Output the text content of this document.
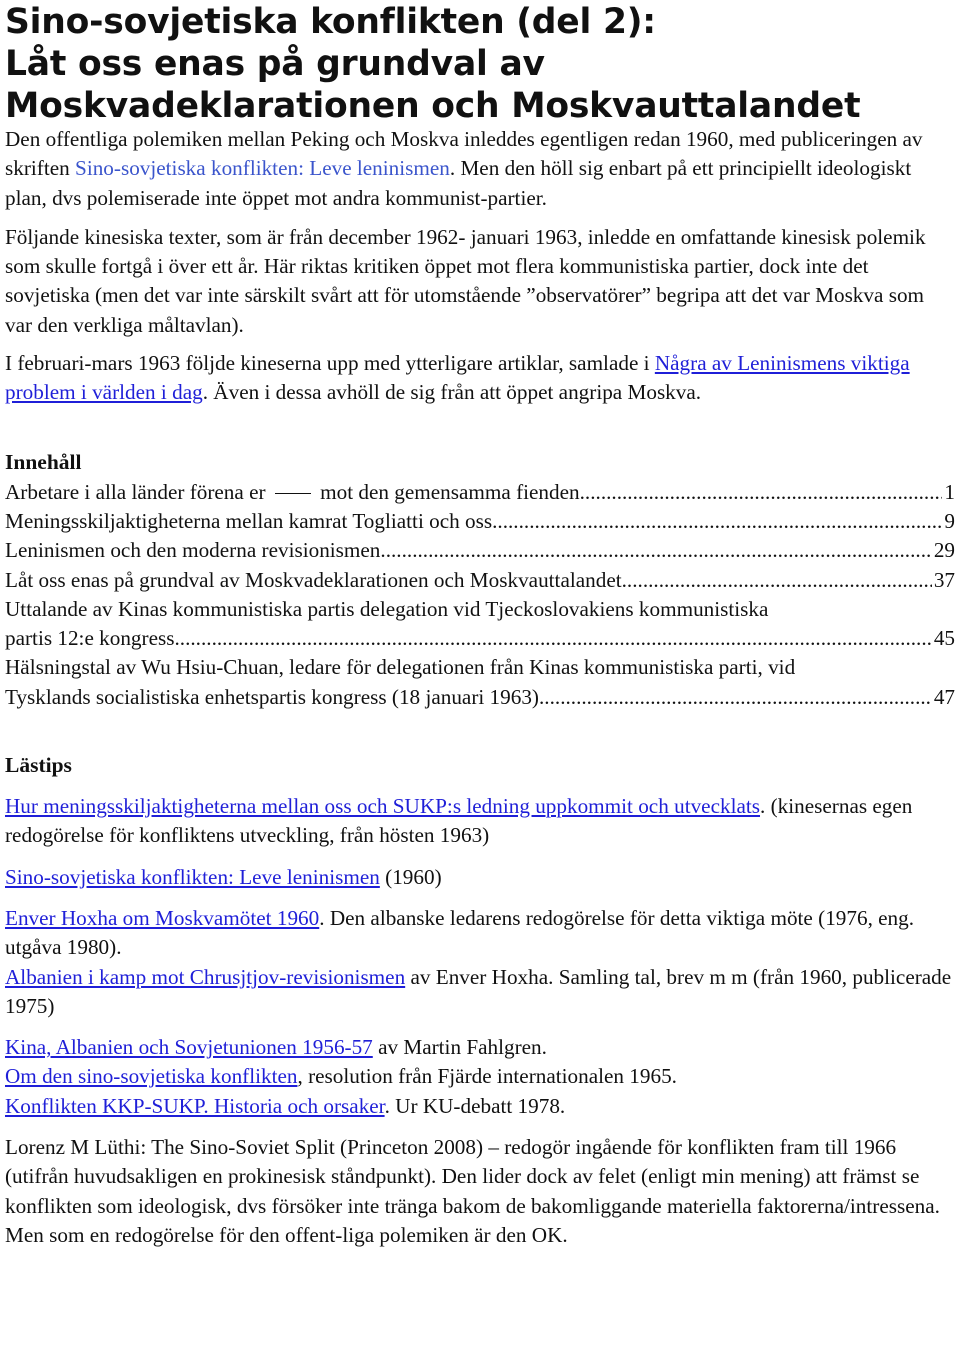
Sino-sovjetiska konflikten (del 2):
Låt oss enas på grundval av
Moskvadeklarationen och Moskvauttalandet

Den offentliga polemiken mellan Peking och Moskva inleddes egentligen redan 1960, med publiceringen av skriften Sino-sovjetiska konflikten: Leve leninismen. Men den höll sig enbart på ett principiellt ideologiskt plan, dvs polemiserade inte öppet mot andra kommunist-partier.

Följande kinesiska texter, som är från december 1962- januari 1963, inledde en omfattande kinesisk polemik som skulle fortgå i över ett år. Här riktas kritiken öppet mot flera kommunistiska partier, dock inte det sovjetiska (men det var inte särskilt svårt att för utomstående ”observatörer” begripa att det var Moskva som var den verkliga måltavlan).

I februari-mars 1963 följde kineserna upp med ytterligare artiklar, samlade i Några av Leninismens viktiga problem i världen i dag. Även i dessa avhöll de sig från att öppet angripa Moskva.

Innehåll
Arbetare i alla länder förena er	mot den gemensamma fienden .....	1
Meningsskiljaktigheterna mellan kamrat Togliatti och oss .....	9
Leninismen och den moderna revisionismen .....	29
Låt oss enas på grundval av Moskvadeklarationen och Moskvauttalandet .....	37
Uttalande av Kinas kommunistiska partis delegation vid Tjeckoslovakiens kommunistiska
partis 12:e kongress .....	45
Hälsningstal av Wu Hsiu-Chuan, ledare för delegationen från Kinas kommunistiska parti, vid
Tysklands socialistiska enhetspartis kongress (18 januari 1963) .....	47
Lästips

Hur meningsskiljaktigheterna mellan oss och SUKP:s ledning uppkommit och utvecklats. (kinesernas egen redogörelse för konfliktens utveckling, från hösten 1963)

Sino-sovjetiska konflikten: Leve leninismen (1960)

Enver Hoxha om Moskvamötet 1960. Den albanske ledarens redogörelse för detta viktiga möte (1976, eng. utgåva 1980).

Albanien i kamp mot Chrusjtjov-revisionismen av Enver Hoxha. Samling tal, brev m m (från 1960, publicerade 1975)

Kina, Albanien och Sovjetunionen 1956-57 av Martin Fahlgren.

Om den sino-sovjetiska konflikten, resolution från Fjärde internationalen 1965.

Konflikten KKP-SUKP. Historia och orsaker. Ur KU-debatt 1978.

Lorenz M Lüthi: The Sino-Soviet Split (Princeton 2008) – redogör ingående för konflikten fram till 1966 (utifrån huvudsakligen en prokinesisk ståndpunkt). Den lider dock av felet (enligt min mening) att främst se konflikten som ideologisk, dvs försöker inte tränga bakom de bakomliggande materiella faktorerna/intressena. Men som en redogörelse för den offent-liga polemiken är den OK.
